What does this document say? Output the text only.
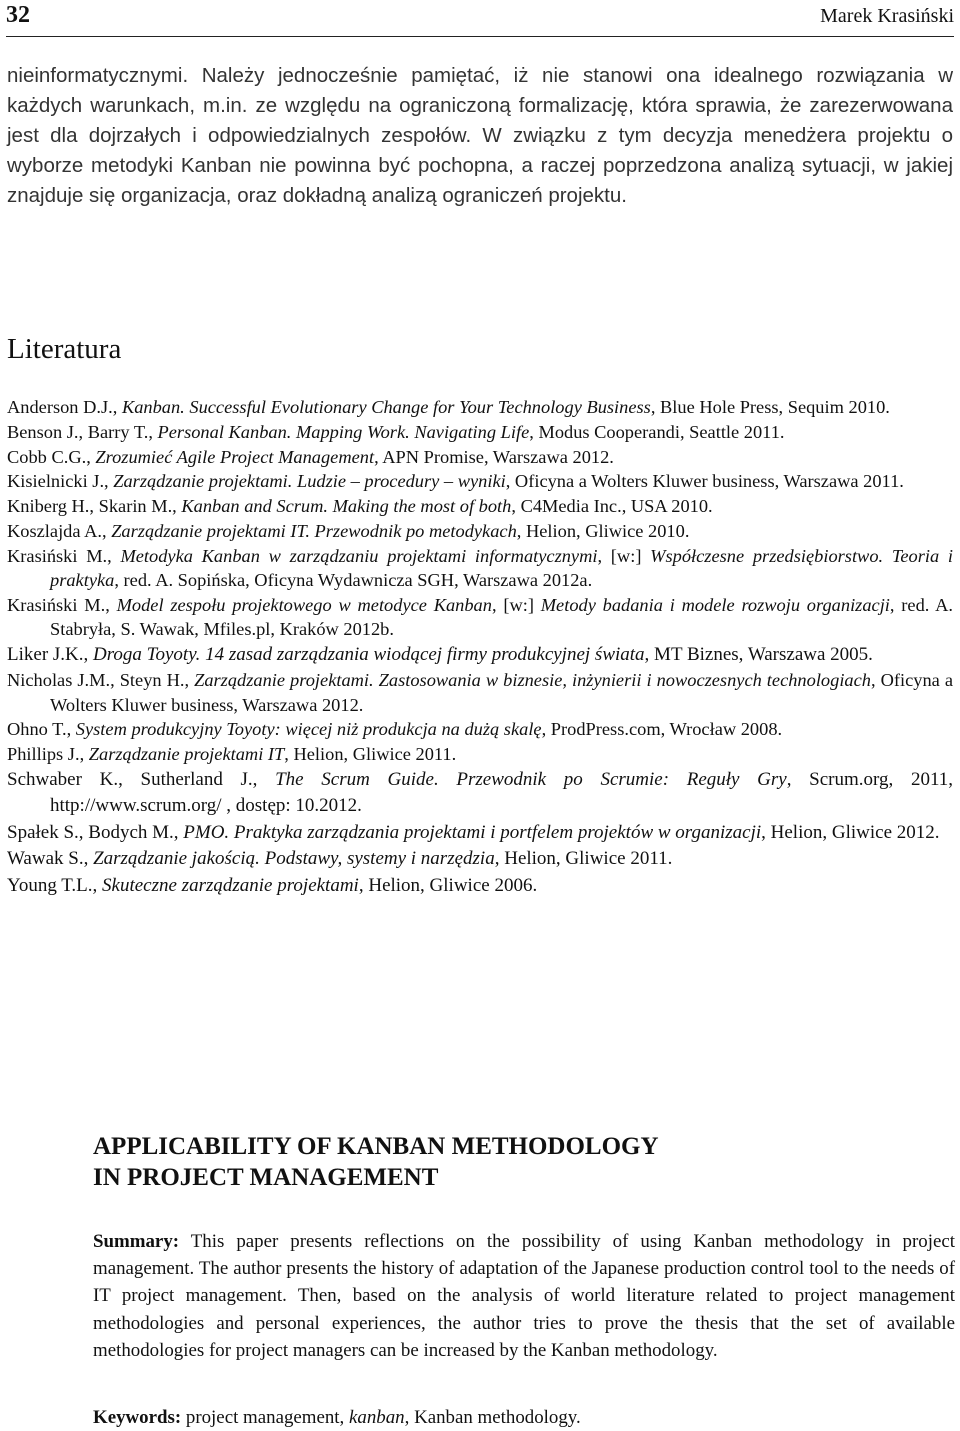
32	Marek Krasiński

nieinformatycznymi. Należy jednocześnie pamiętać, iż nie stanowi ona idealnego rozwiązania w każdych warunkach, m.in. ze względu na ograniczoną formalizację, która sprawia, że zarezerwowana jest dla dojrzałych i odpowiedzialnych zespołów. W związku z tym decyzja menedżera projektu o wyborze metodyki Kanban nie powinna być pochopna, a raczej poprzedzona analizą sytuacji, w jakiej znajduje się organizacja, oraz dokładną analizą ograniczeń projektu.

Literatura
Anderson D.J., Kanban. Successful Evolutionary Change for Your Technology Business, Blue Hole Press, Sequim 2010.
Benson J., Barry T., Personal Kanban. Mapping Work. Navigating Life, Modus Cooperandi, Seattle 2011.
Cobb C.G., Zrozumieć Agile Project Management, APN Promise, Warszawa 2012.
Kisielnicki J., Zarządzanie projektami. Ludzie – procedury – wyniki, Oficyna a Wolters Kluwer business, Warszawa 2011.
Kniberg H., Skarin M., Kanban and Scrum. Making the most of both, C4Media Inc., USA 2010.
Koszlajda A., Zarządzanie projektami IT. Przewodnik po metodykach, Helion, Gliwice 2010.
Krasiński M., Metodyka Kanban w zarządzaniu projektami informatycznymi, [w:] Współczesne przedsiębiorstwo. Teoria i praktyka, red. A. Sopińska, Oficyna Wydawnicza SGH, Warszawa 2012a.
Krasiński M., Model zespołu projektowego w metodyce Kanban, [w:] Metody badania i modele rozwoju organizacji, red. A. Stabryła, S. Wawak, Mfiles.pl, Kraków 2012b.
Liker J.K., Droga Toyoty. 14 zasad zarządzania wiodącej firmy produkcyjnej świata, MT Biznes, Warszawa 2005.
Nicholas J.M., Steyn H., Zarządzanie projektami. Zastosowania w biznesie, inżynierii i nowoczesnych technologiach, Oficyna a Wolters Kluwer business, Warszawa 2012.
Ohno T., System produkcyjny Toyoty: więcej niż produkcja na dużą skalę, ProdPress.com, Wrocław 2008.
Phillips J., Zarządzanie projektami IT, Helion, Gliwice 2011.
Schwaber K., Sutherland J., The Scrum Guide. Przewodnik po Scrumie: Reguły Gry, Scrum.org, 2011, http://www.scrum.org/ , dostęp: 10.2012.
Spałek S., Bodych M., PMO. Praktyka zarządzania projektami i portfelem projektów w organizacji, Helion, Gliwice 2012.
Wawak S., Zarządzanie jakością. Podstawy, systemy i narzędzia, Helion, Gliwice 2011.
Young T.L., Skuteczne zarządzanie projektami, Helion, Gliwice 2006.
APPLICABILITY OF KANBAN METHODOLOGY
IN PROJECT MANAGEMENT

Summary: This paper presents reflections on the possibility of using Kanban methodology in project management. The author presents the history of adaptation of the Japanese production control tool to the needs of IT project management. Then, based on the analysis of world literature related to project management methodologies and personal experiences, the author tries to prove the thesis that the set of available methodologies for project managers can be increased by the Kanban methodology.

Keywords: project management, kanban, Kanban methodology.
